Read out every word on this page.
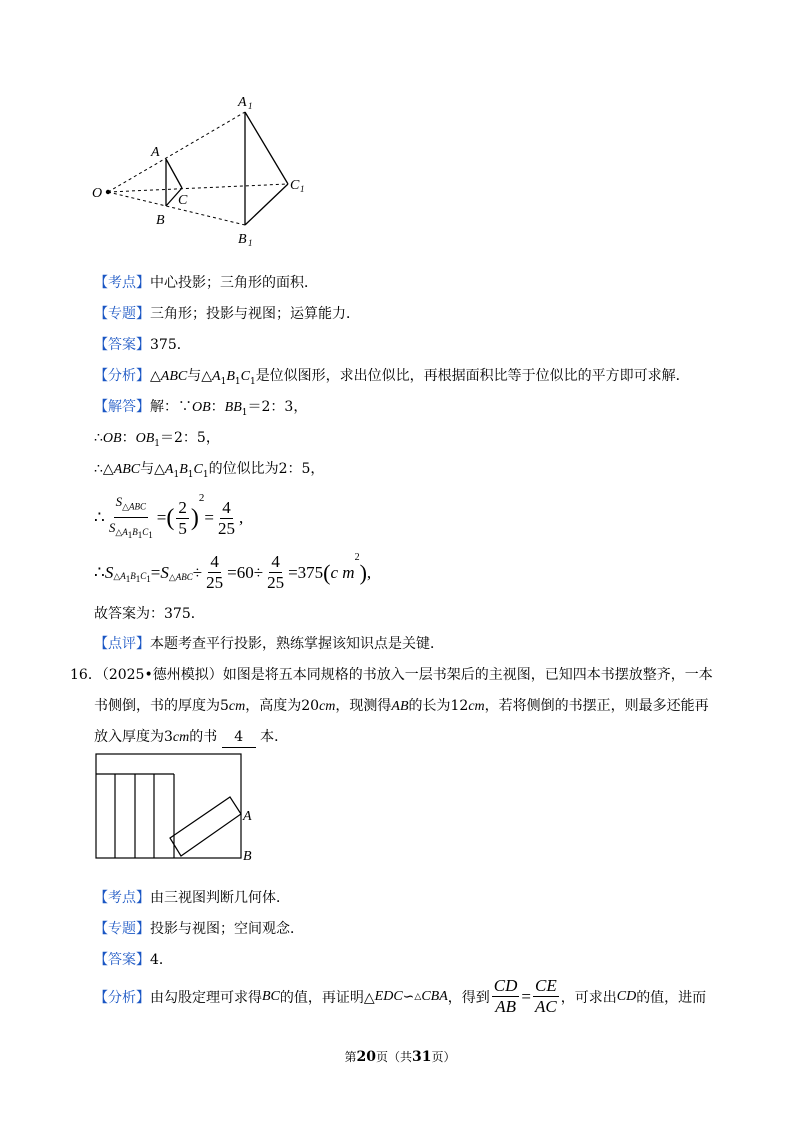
A 1
A
O	C
C 1
B
B 1
【考点】中心投影；三角形的面积．
【专题】三角形；投影与视图；运算能力．
【答案】375．
【分析】△ABC与$\triangle A_1B_1C_1$是位似图形，求出位似比，再根据面积比等于位似比的平方即可求解．
【解答】解：∵OB：$BB_1=2$：3，
∴OB：$OB_1=2$：5，
∴△ABC与$\triangle A_1B_1C_1$的位似比为2：5，
∴ $\frac{S_{\triangle ABC}}{S_{\triangle A_1B_1C_1}}$ = ( $\frac{2}{5}$ )
2
= $\frac{4}{25}$ ,
∴ S $_{\triangle A_1B_1C_1}$ = S $_{\triangle ABC} \div \frac{4}{25} = 60 \div \frac{4}{25} =375$ ( c m
$^2$
) ,
故答案为：375．
【点评】本题考查平行投影，熟练掌握该知识点是关键．
16．（2025•德州模拟）如图是将五本同规格的书放入一层书架后的主视图，已知四本书摆放整齐，一本
书侧倒，书的厚度为5cm，高度为20cm，现测得AB的长为12cm，若将侧倒的书摆正，则最多还能再
放入厚度为3cm的书 4 本．
A
B
【考点】由三视图判断几何体．
【专题】投影与视图；空间观念．
【答案】4．
【分析】 由勾股定理可求得 BC 的值，再证明△ EDC ∽ △ CBA ，得到 $\frac{CD}{AB} = \frac{CE}{AC}$ ，可求出 CD 的值，进而
第20页（共31页）
